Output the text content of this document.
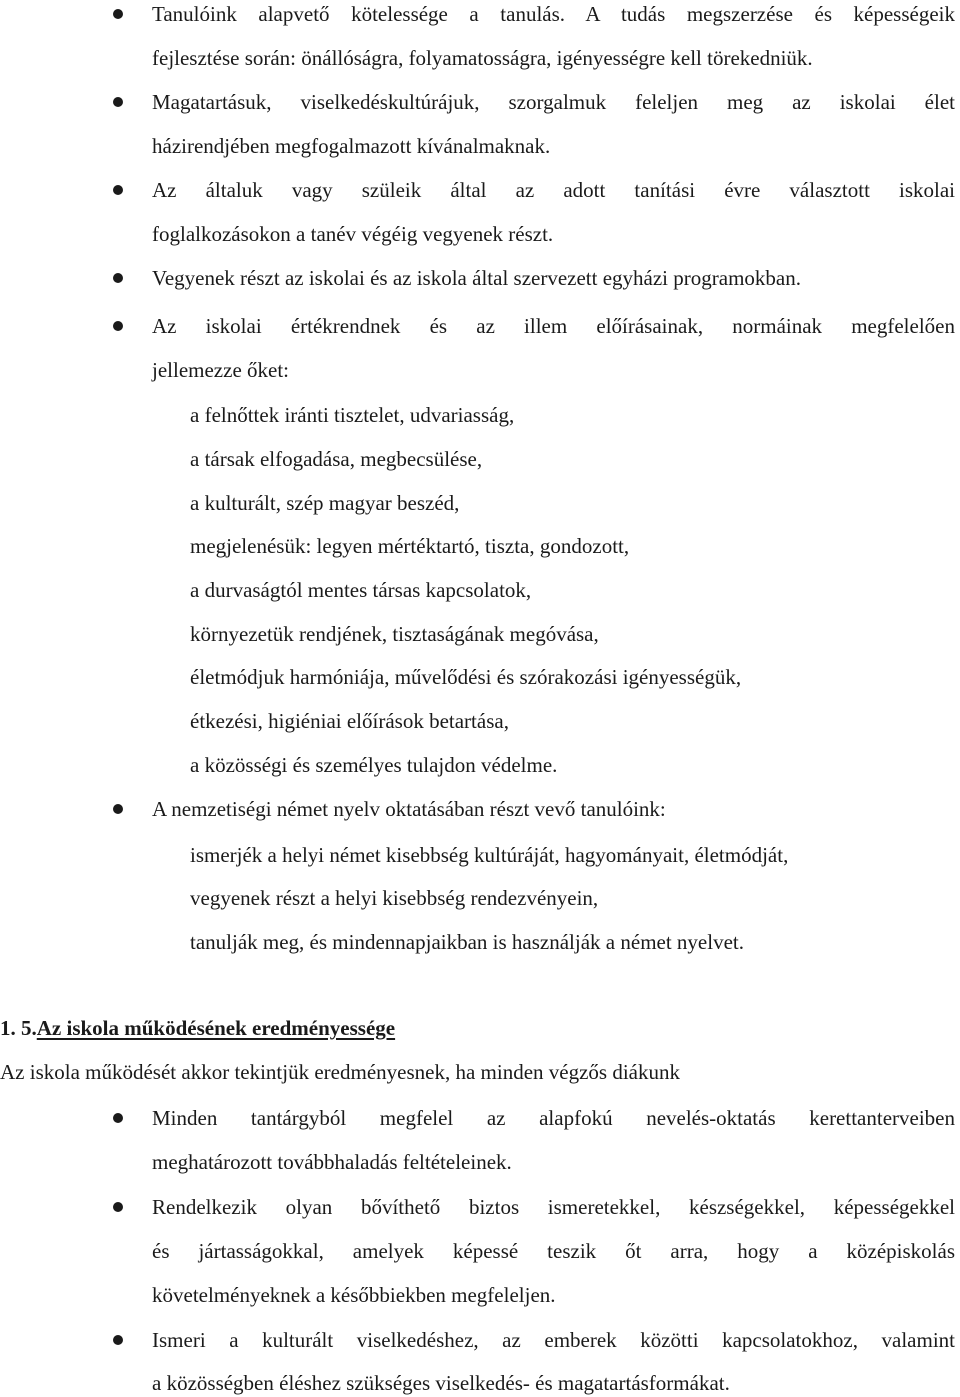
Tanulóink alapvető kötelessége a tanulás. A tudás megszerzése és képességeik
fejlesztése során: önállóságra, folyamatosságra, igényességre kell törekedniük.
Magatartásuk, viselkedéskultúrájuk, szorgalmuk feleljen meg az iskolai élet
házirendjében megfogalmazott kívánalmaknak.
Az általuk vagy szüleik által az adott tanítási évre választott iskolai
foglalkozásokon a tanév végéig vegyenek részt.
Vegyenek részt az iskolai és az iskola által szervezett egyházi programokban.
Az iskolai értékrendnek és az illem előírásainak, normáinak megfelelően
jellemezze őket:
a felnőttek iránti tisztelet, udvariasság,
a társak elfogadása, megbecsülése,
a kulturált, szép magyar beszéd,
megjelenésük: legyen mértéktartó, tiszta, gondozott,
a durvaságtól mentes társas kapcsolatok,
környezetük rendjének, tisztaságának megóvása,
életmódjuk harmóniája, művelődési és szórakozási igényességük,
étkezési, higiéniai előírások betartása,
a közösségi és személyes tulajdon védelme.
A nemzetiségi német nyelv oktatásában részt vevő tanulóink:
ismerjék a helyi német kisebbség kultúráját, hagyományait, életmódját,
vegyenek részt a helyi kisebbség rendezvényein,
tanulják meg, és mindennapjaikban is használják a német nyelvet.
1. 5.Az iskola működésének eredményessége
Az iskola működését akkor tekintjük eredményesnek, ha minden végzős diákunk
Minden tantárgyból megfelel az alapfokú nevelés-oktatás kerettanterveiben
meghatározott továbbhaladás feltételeinek.
Rendelkezik olyan bővíthető biztos ismeretekkel, készségekkel, képességekkel
és jártasságokkal, amelyek képessé teszik őt arra, hogy a középiskolás
követelményeknek a későbbiekben megfeleljen.
Ismeri a kulturált viselkedéshez, az emberek közötti kapcsolatokhoz, valamint
a közösségben éléshez szükséges viselkedés- és magatartásformákat.
